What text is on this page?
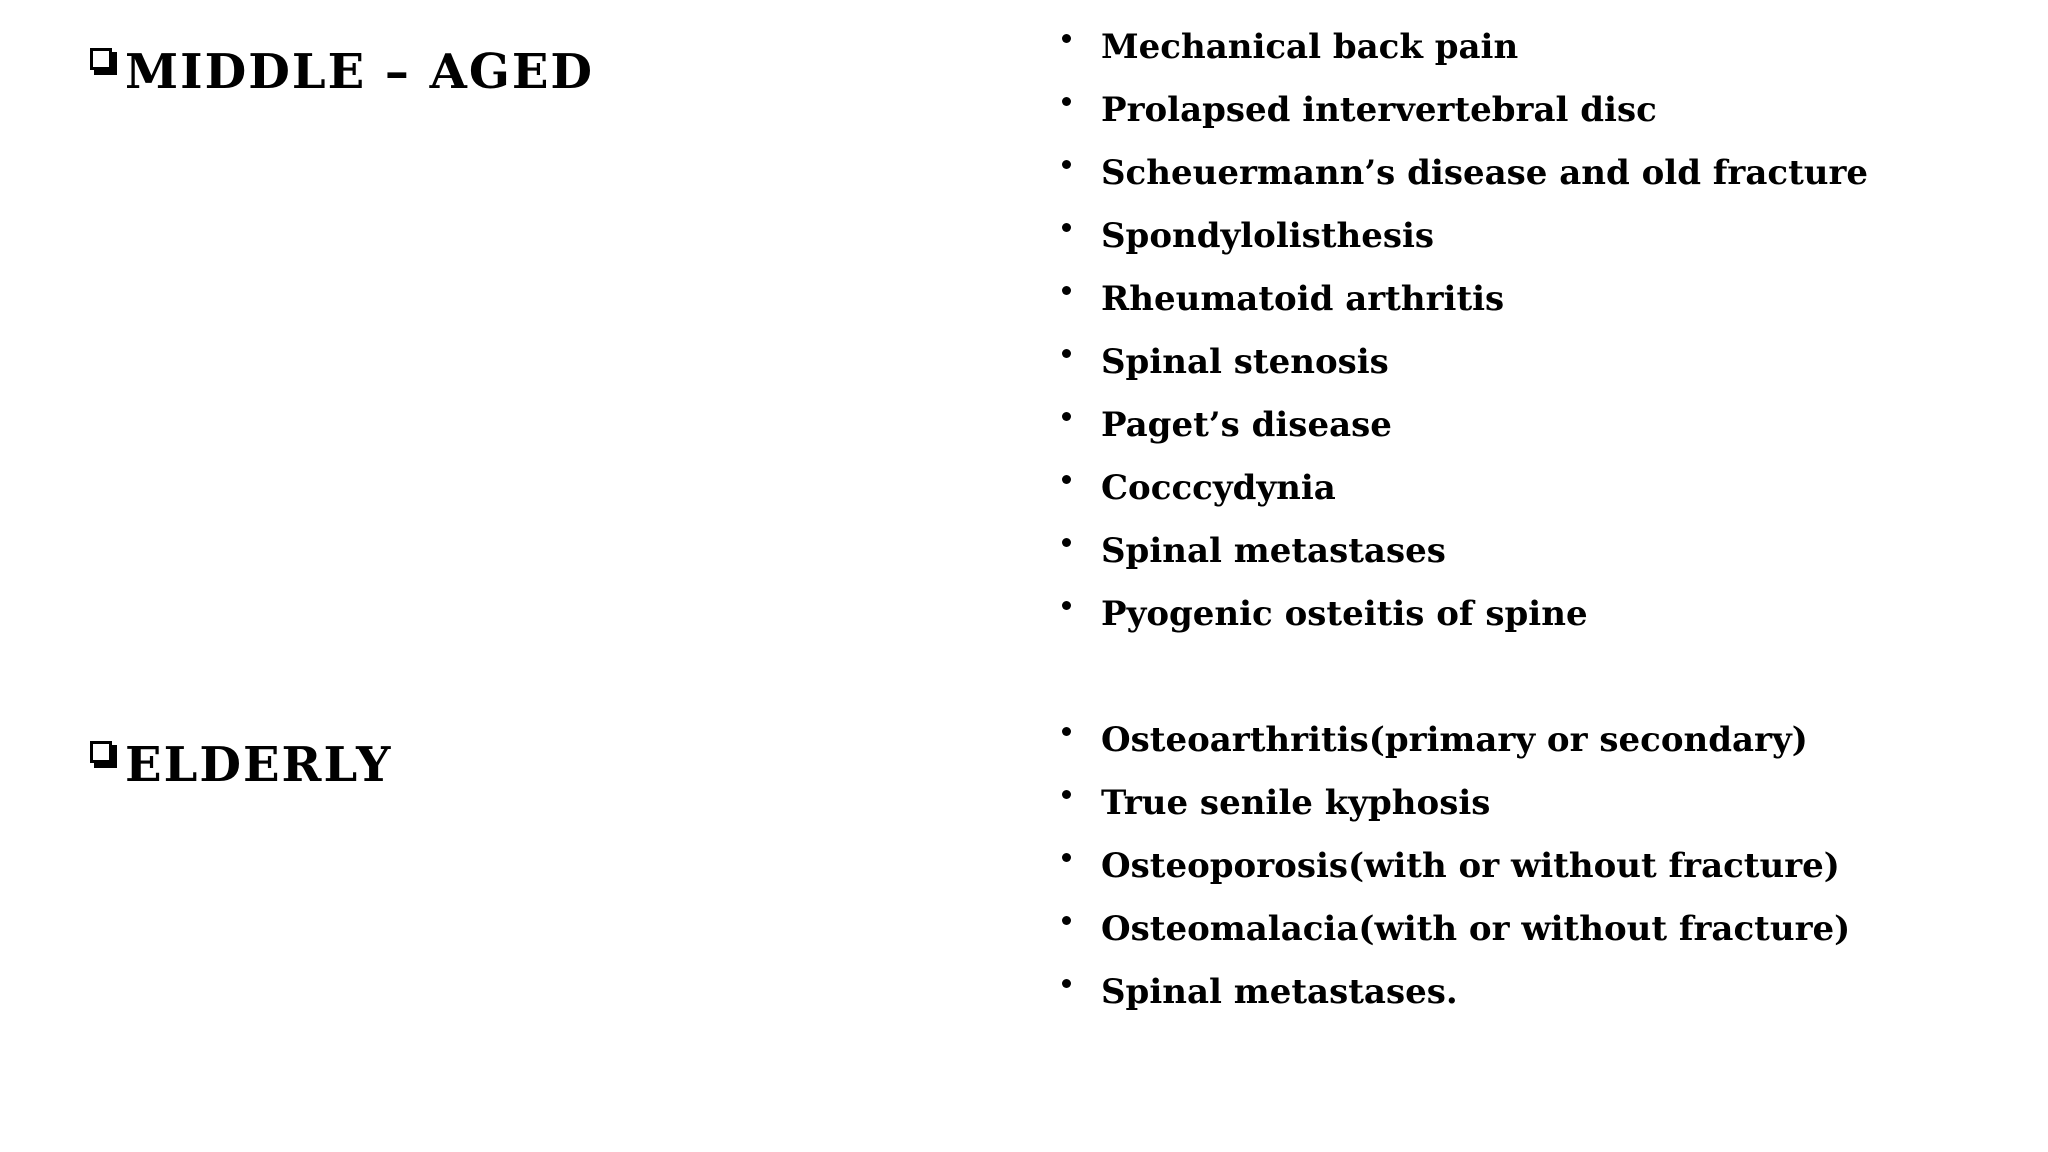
MIDDLE – AGED	Mechanical back pain
Prolapsed intervertebral disc
Scheuermann’s disease and old fracture
Spondylolisthesis
Rheumatoid arthritis
Spinal stenosis
Paget’s disease
Cocccydynia
Spinal metastases
Pyogenic osteitis of spine
ELDERLY	Osteoarthritis(primary or secondary)
True senile kyphosis
Osteoporosis(with or without fracture)
Osteomalacia(with or without fracture)
Spinal metastases.
